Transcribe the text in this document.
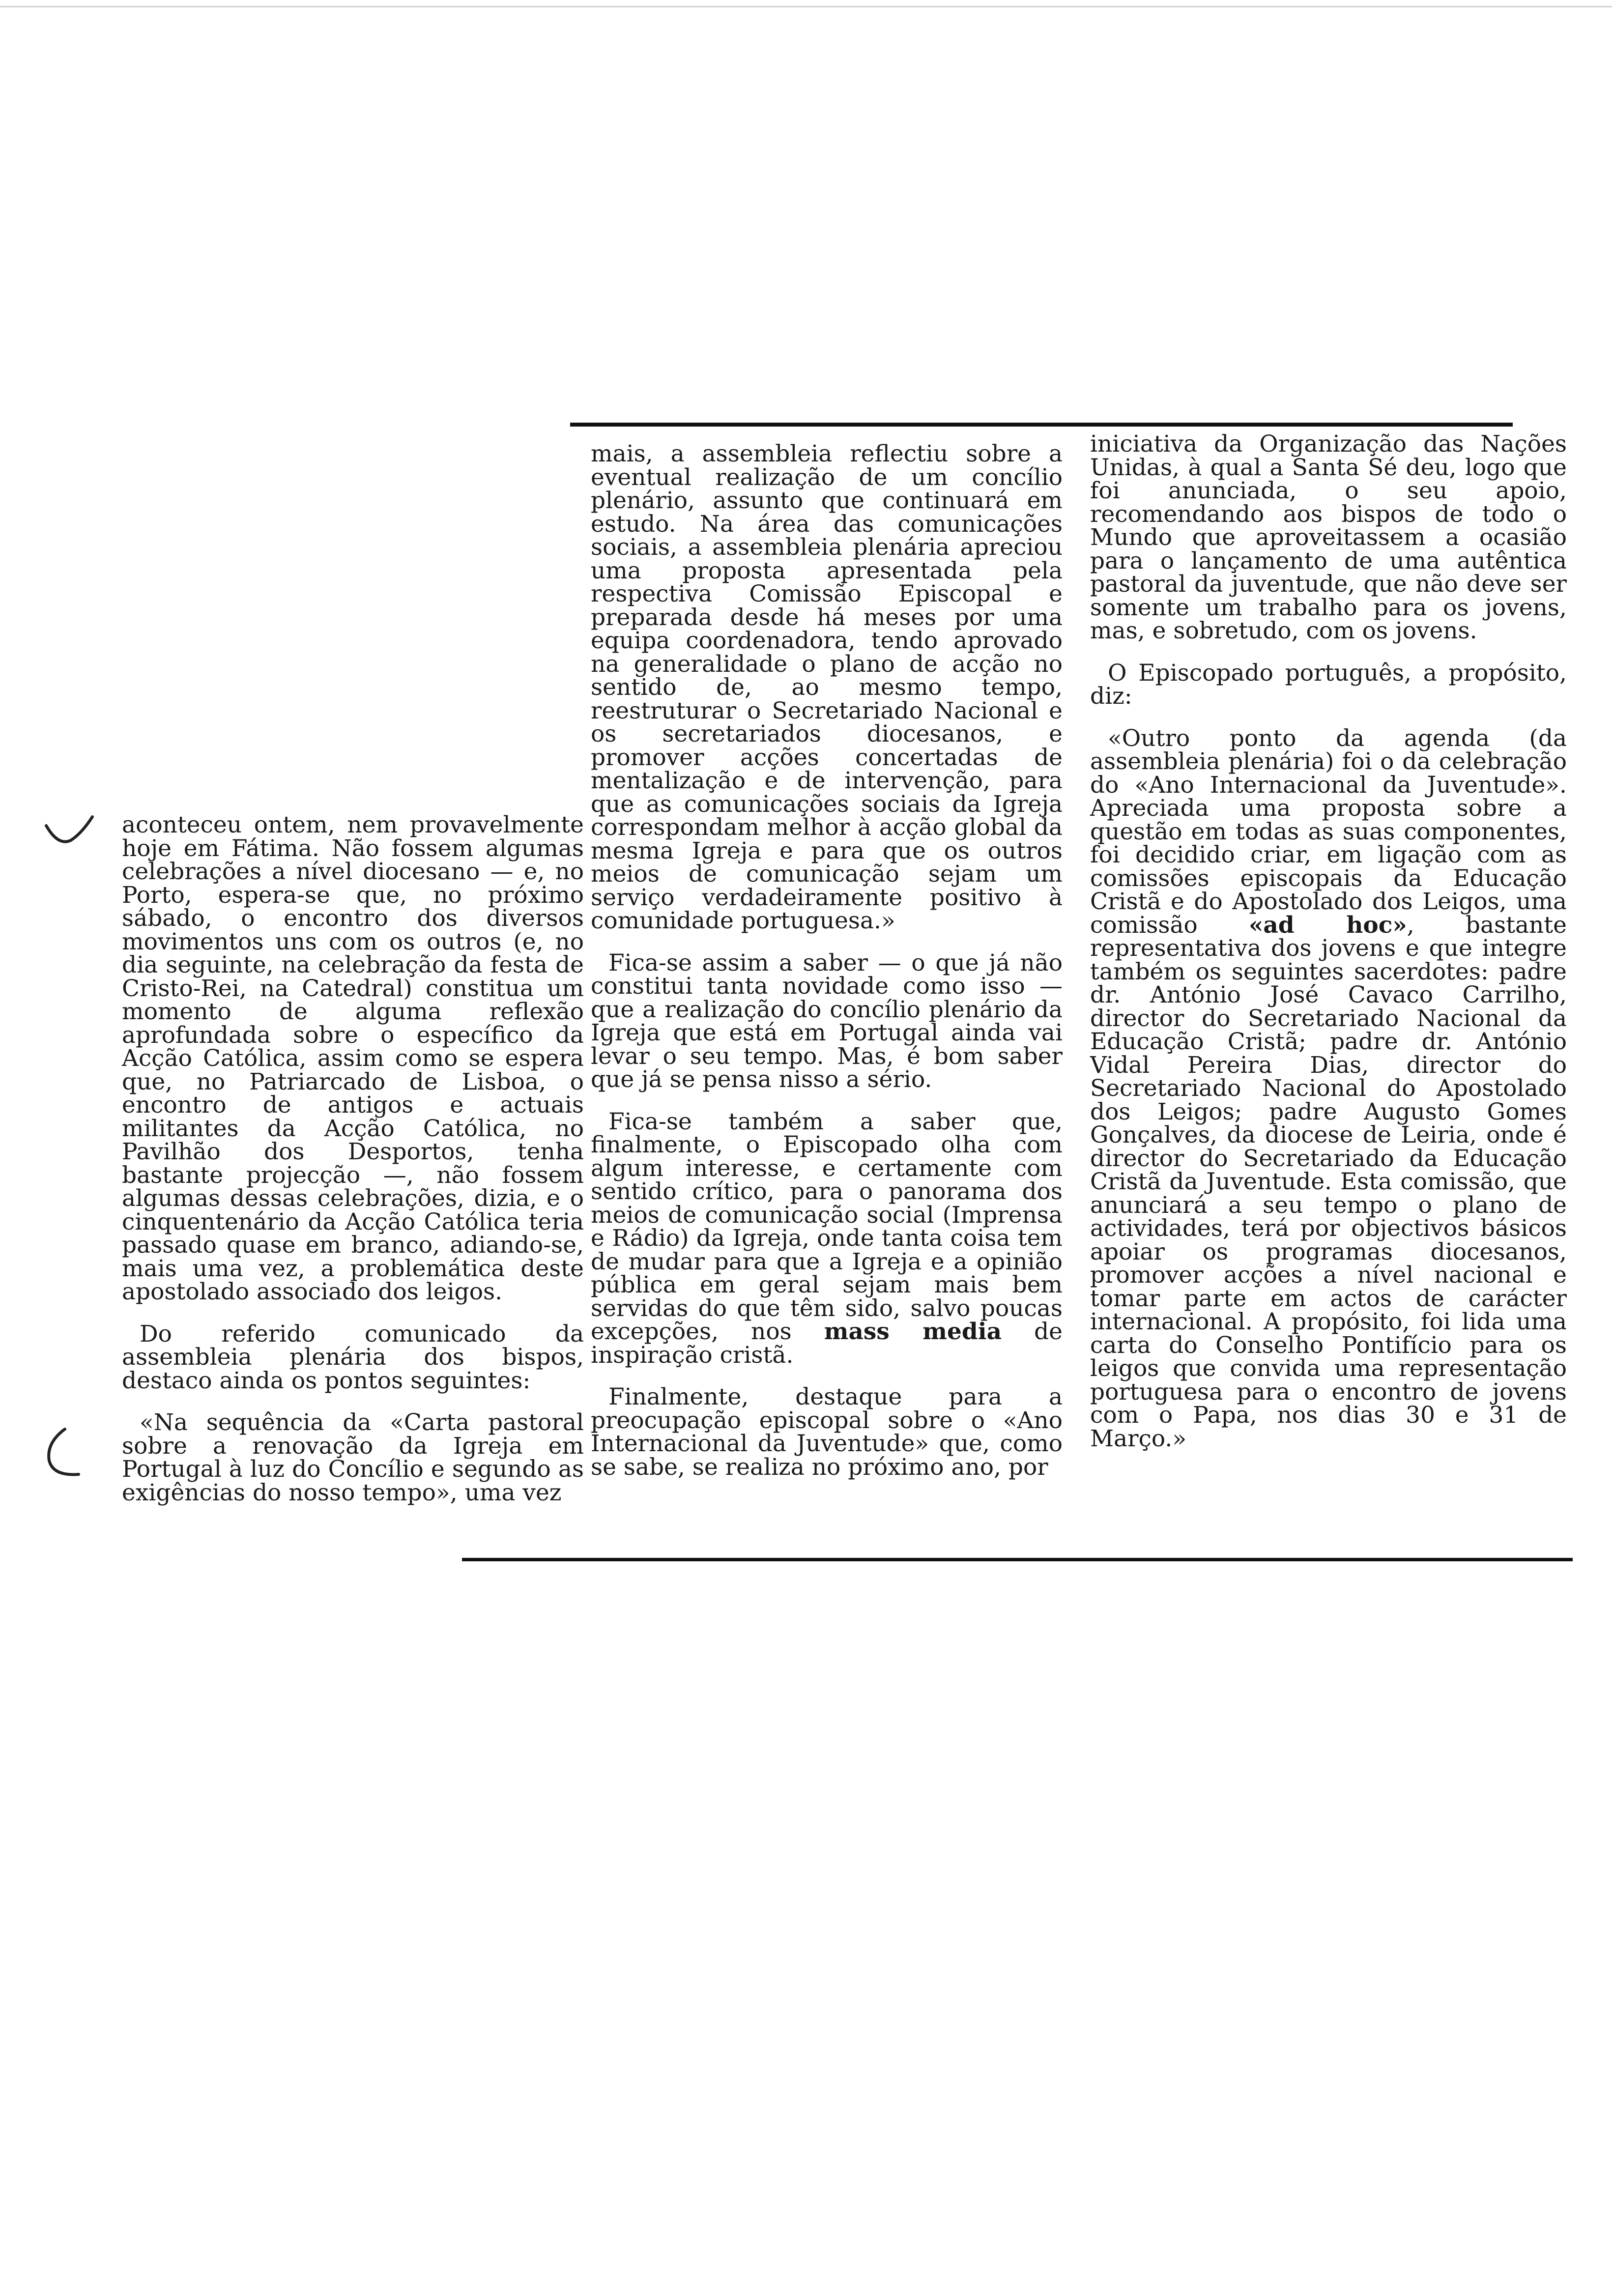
aconteceu ontem, nem provavelmente hoje em Fátima. Não fossem algumas celebrações a nível diocesano — e, no Porto, espera-se que, no próximo sábado, o encontro dos diversos movimentos uns com os outros (e, no dia seguinte, na celebração da festa de Cristo-Rei, na Catedral) constitua um momento de alguma reflexão aprofundada sobre o específico da Acção Católica, assim como se espera que, no Patriarcado de Lisboa, o encontro de antigos e actuais militantes da Acção Católica, no Pavilhão dos Desportos, tenha bastante projecção —, não fossem algumas dessas celebrações, dizia, e o cinquentenário da Acção Católica teria passado quase em branco, adiando-se, mais uma vez, a problemática deste apostolado associado dos leigos.

Do referido comunicado da assembleia plenária dos bispos, destaco ainda os pontos seguintes:

«Na sequência da «Carta pastoral sobre a renovação da Igreja em Portugal à luz do Concílio e segundo as exigências do nosso tempo», uma vez

mais, a assembleia reflectiu sobre a eventual realização de um concílio plenário, assunto que continuará em estudo. Na área das comunicações sociais, a assembleia plenária apreciou uma proposta apresentada pela respectiva Comissão Episcopal e preparada desde há meses por uma equipa coordenadora, tendo aprovado na generalidade o plano de acção no sentido de, ao mesmo tempo, reestruturar o Secretariado Nacional e os secretariados diocesanos, e promover acções concertadas de mentalização e de intervenção, para que as comunicações sociais da Igreja correspondam melhor à acção global da mesma Igreja e para que os outros meios de comunicação sejam um serviço verdadeiramente positivo à comunidade portuguesa.»

Fica-se assim a saber — o que já não constitui tanta novidade como isso — que a realização do concílio plenário da Igreja que está em Portugal ainda vai levar o seu tempo. Mas, é bom saber que já se pensa nisso a sério.

Fica-se também a saber que, finalmente, o Episcopado olha com algum interesse, e certamente com sentido crítico, para o panorama dos meios de comunicação social (Imprensa e Rádio) da Igreja, onde tanta coisa tem de mudar para que a Igreja e a opinião pública em geral sejam mais bem servidas do que têm sido, salvo poucas excepções, nos mass media de inspiração cristã.

Finalmente, destaque para a preocupação episcopal sobre o «Ano Internacional da Juventude» que, como se sabe, se realiza no próximo ano, por

iniciativa da Organização das Nações Unidas, à qual a Santa Sé deu, logo que foi anunciada, o seu apoio, recomendando aos bispos de todo o Mundo que aproveitassem a ocasião para o lançamento de uma autêntica pastoral da juventude, que não deve ser somente um trabalho para os jovens, mas, e sobretudo, com os jovens.

O Episcopado português, a propósito, diz:

«Outro ponto da agenda (da assembleia plenária) foi o da celebração do «Ano Internacional da Juventude». Apreciada uma proposta sobre a questão em todas as suas componentes, foi decidido criar, em ligação com as comissões episcopais da Educação Cristã e do Apostolado dos Leigos, uma comissão «ad hoc», bastante representativa dos jovens e que integre também os seguintes sacerdotes: padre dr. António José Cavaco Carrilho, director do Secretariado Nacional da Educação Cristã; padre dr. António Vidal Pereira Dias, director do Secretariado Nacional do Apostolado dos Leigos; padre Augusto Gomes Gonçalves, da diocese de Leiria, onde é director do Secretariado da Educação Cristã da Juventude. Esta comissão, que anunciará a seu tempo o plano de actividades, terá por objectivos básicos apoiar os programas diocesanos, promover acções a nível nacional e tomar parte em actos de carácter internacional. A propósito, foi lida uma carta do Conselho Pontifício para os leigos que convida uma representação portuguesa para o encontro de jovens com o Papa, nos dias 30 e 31 de Março.»
